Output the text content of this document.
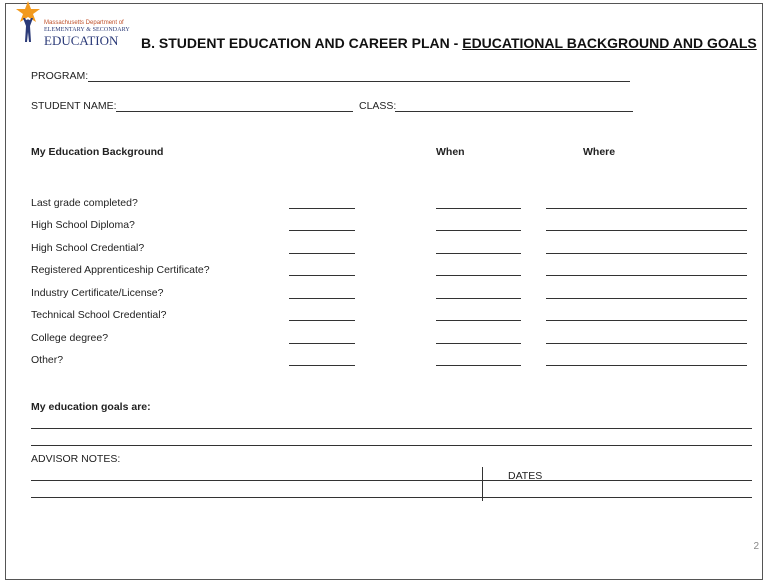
Massachusetts Department of
ELEMENTARY & SECONDARY
EDUCATION B. STUDENT EDUCATION AND CAREER PLAN - EDUCATIONAL BACKGROUND AND GOALS
PROGRAM:
STUDENT NAME:	CLASS:
My Education Background	When	Where
Last grade completed?
High School Diploma?
High School Credential?
Registered Apprenticeship Certificate?
Industry Certificate/License?
Technical School Credential?
College degree?
Other?
My education goals are:
ADVISOR NOTES:
DATES
2
